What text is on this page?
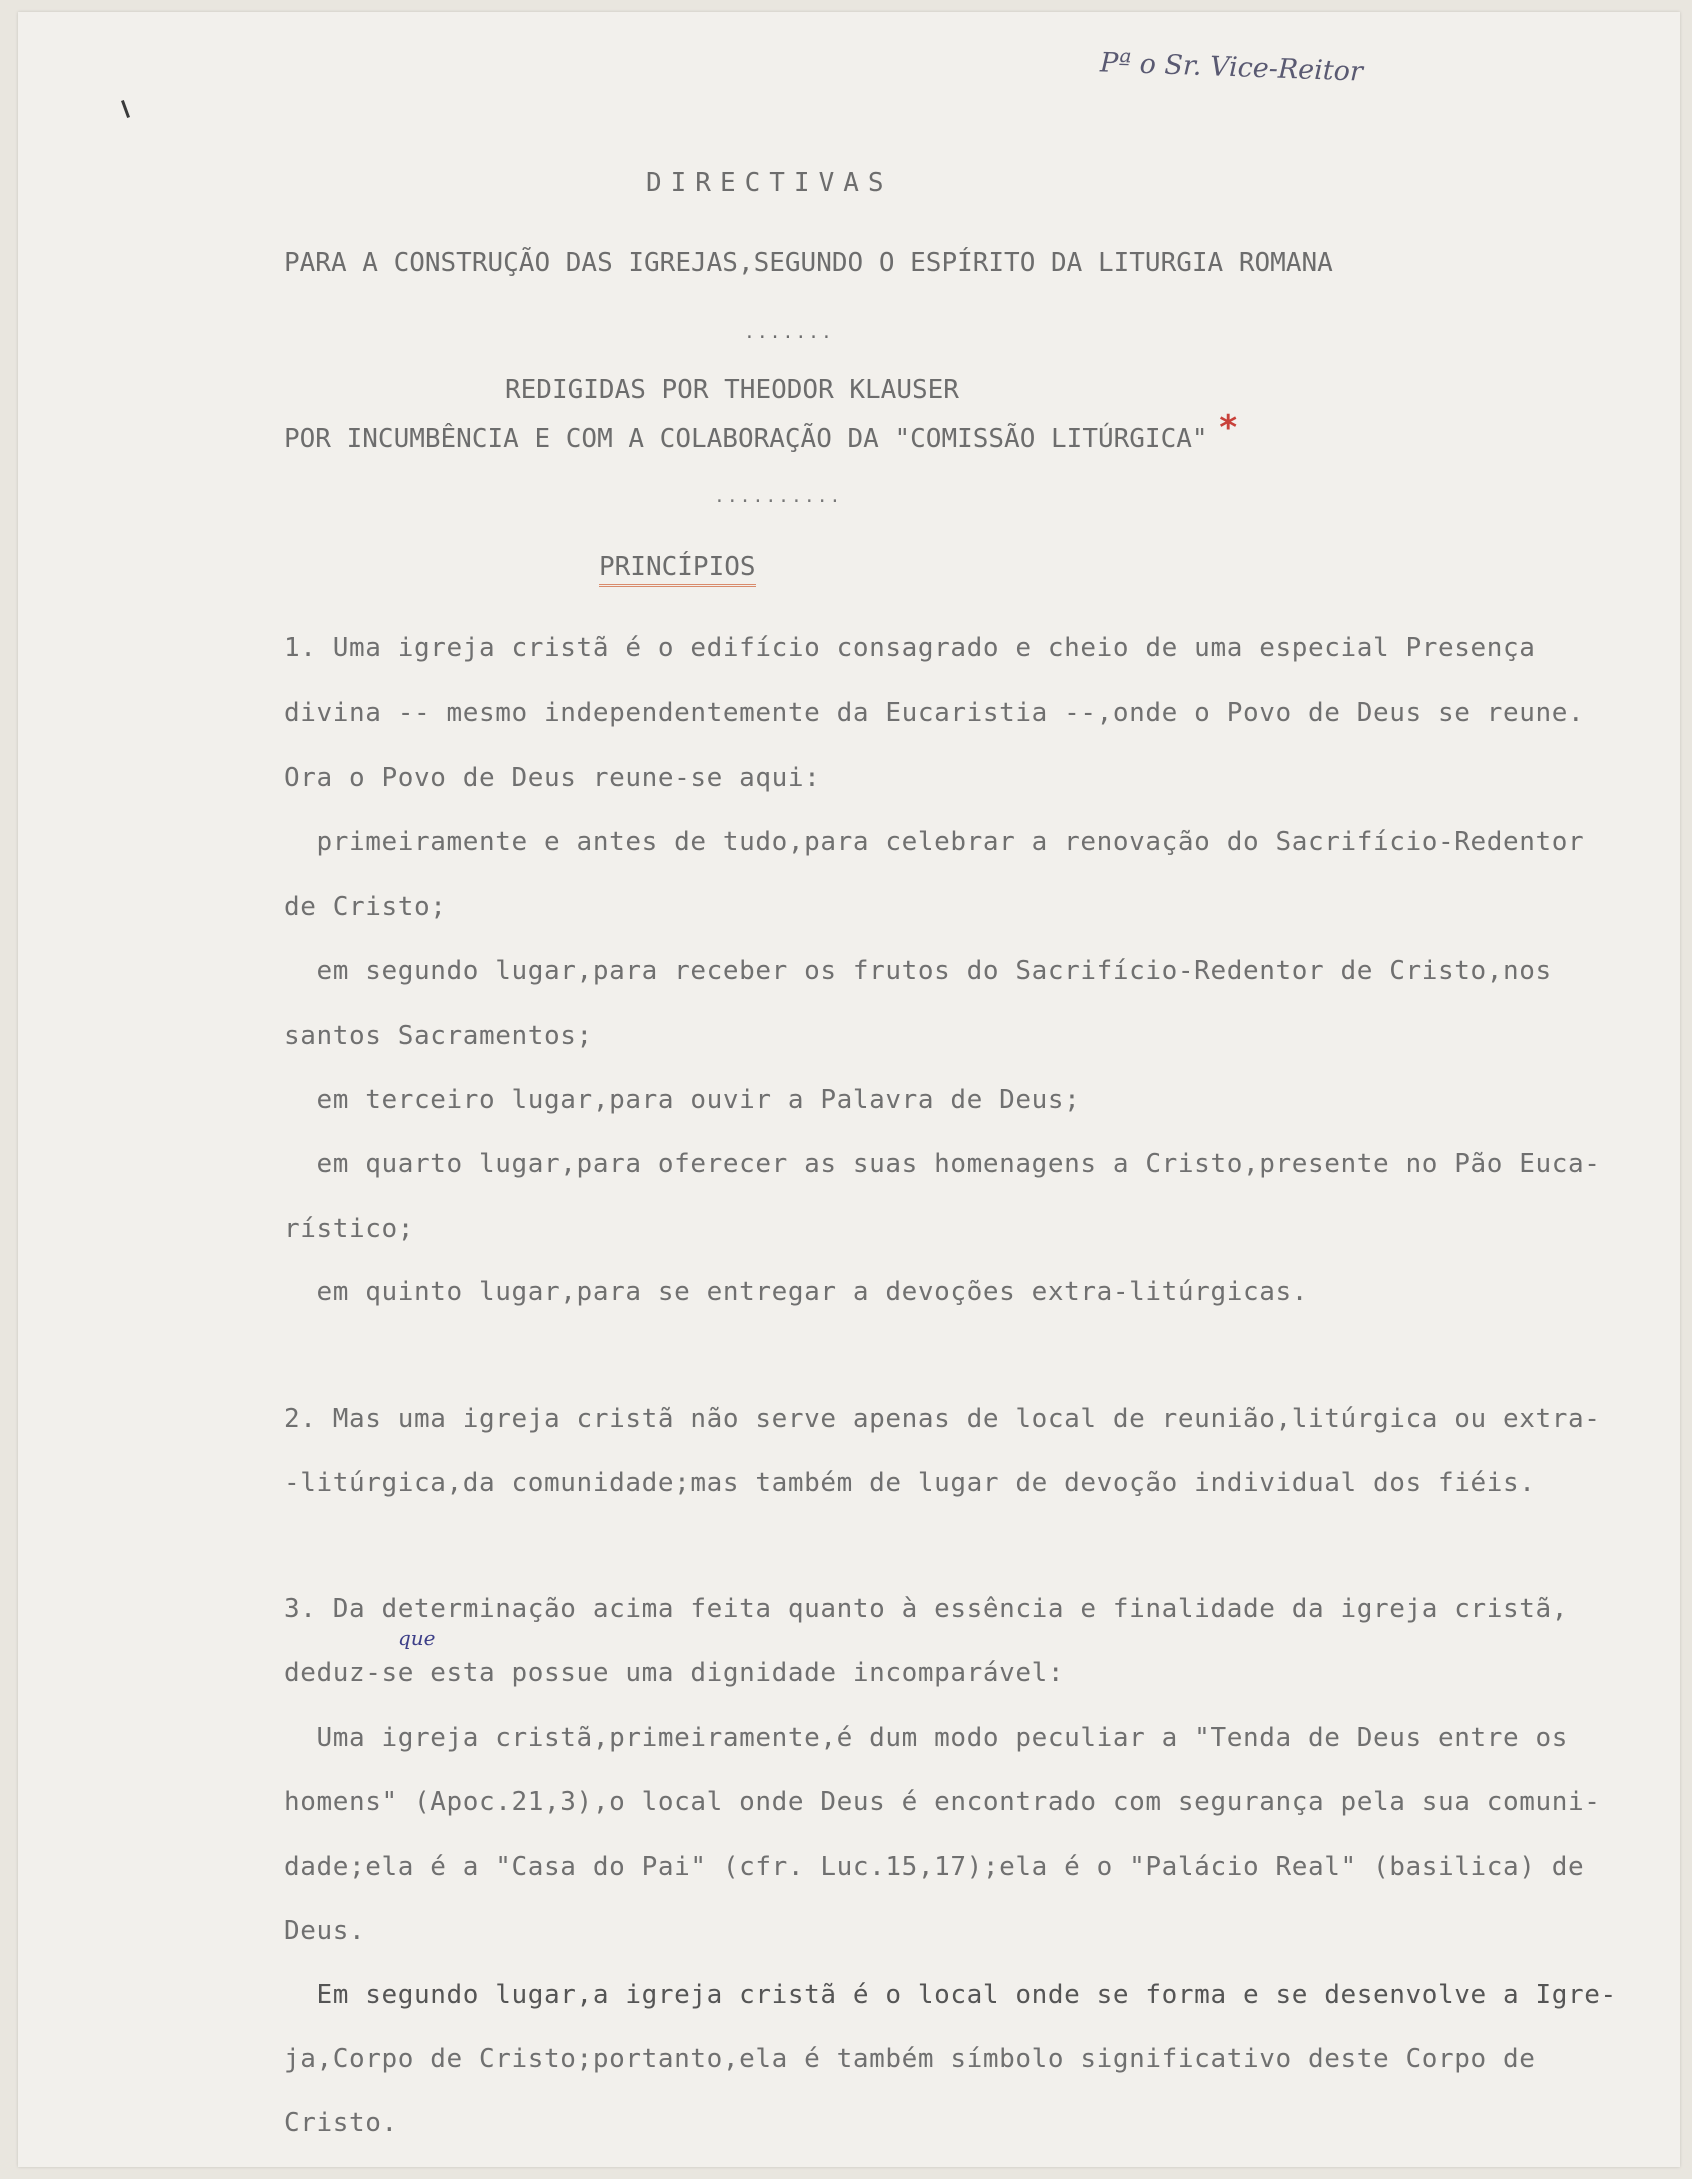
Pª o Sr. Vice-Reitor
DIRECTIVAS
PARA A CONSTRUÇÃO DAS IGREJAS,SEGUNDO O ESPÍRITO DA LITURGIA ROMANA
.......
REDIGIDAS POR THEODOR KLAUSER
POR INCUMBÊNCIA E COM A COLABORAÇÃO DA "COMISSÃO LITÚRGICA" *
..........
PRINCÍPIOS
que
1. Uma igreja cristã é o edifício consagrado e cheio de uma especial Presença
divina -- mesmo independentemente da Eucaristia --,onde o Povo de Deus se reune.
Ora o Povo de Deus reune-se aqui:
primeiramente e antes de tudo,para celebrar a renovação do Sacrifício-Redentor
de Cristo;
em segundo lugar,para receber os frutos do Sacrifício-Redentor de Cristo,nos
santos Sacramentos;
em terceiro lugar,para ouvir a Palavra de Deus;
em quarto lugar,para oferecer as suas homenagens a Cristo,presente no Pão Euca-
rístico;
em quinto lugar,para se entregar a devoções extra-litúrgicas.
2. Mas uma igreja cristã não serve apenas de local de reunião,litúrgica ou extra-
-litúrgica,da comunidade;mas também de lugar de devoção individual dos fiéis.
3. Da determinação acima feita quanto à essência e finalidade da igreja cristã,
deduz-se esta possue uma dignidade incomparável:
Uma igreja cristã,primeiramente,é dum modo peculiar a "Tenda de Deus entre os
homens" (Apoc.21,3),o local onde Deus é encontrado com segurança pela sua comuni-
dade;ela é a "Casa do Pai" (cfr. Luc.15,17);ela é o "Palácio Real" (basilica) de
Deus.
Em segundo lugar,a igreja cristã é o local onde se forma e se desenvolve a Igre-
ja,Corpo de Cristo;portanto,ela é também símbolo significativo deste Corpo de
Cristo.
